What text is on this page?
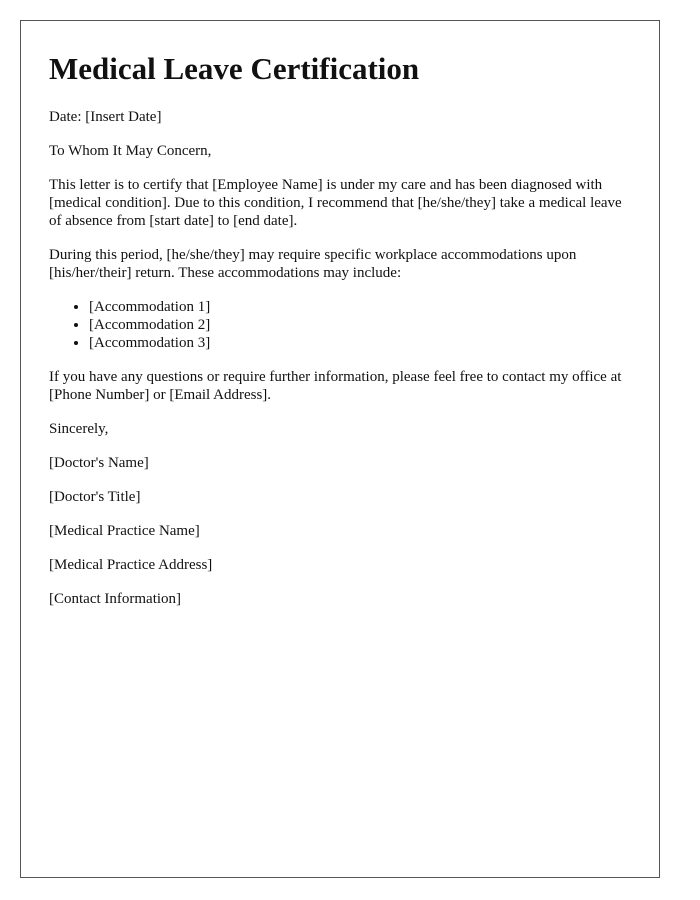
Medical Leave Certification

Date: [Insert Date]

To Whom It May Concern,

This letter is to certify that [Employee Name] is under my care and has been diagnosed with [medical condition]. Due to this condition, I recommend that [he/she/they] take a medical leave of absence from [start date] to [end date].

During this period, [he/she/they] may require specific workplace accommodations upon [his/her/their] return. These accommodations may include:

• [Accommodation 1]
• [Accommodation 2]
• [Accommodation 3]

If you have any questions or require further information, please feel free to contact my office at [Phone Number] or [Email Address].

Sincerely,

[Doctor's Name]

[Doctor's Title]

[Medical Practice Name]

[Medical Practice Address]

[Contact Information]
